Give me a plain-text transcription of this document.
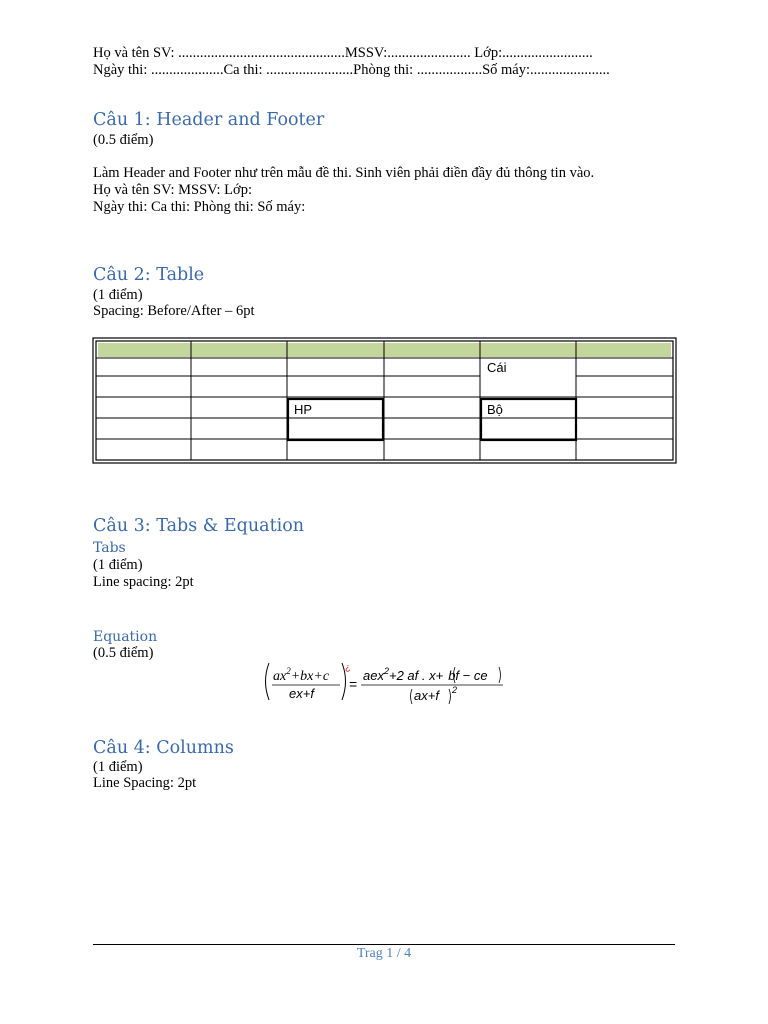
Họ và tên SV: ..............................................MSSV:....................... Lớp:.........................
Ngày thi: ....................Ca thi: ........................Phòng thi: ..................Số máy:......................
Câu 1: Header and Footer
(0.5 điểm)
Làm Header and Footer như trên mẫu đề thi. Sinh viên phải điền đầy đủ thông tin vào.
Họ và tên SV: MSSV: Lớp:
Ngày thi: Ca thi: Phòng thi: Số máy:
Câu 2: Table
(1 điểm)
Spacing: Before/After – 6pt
Cái
HP	Bộ
Câu 3: Tabs & Equation
Tabs
(1 điểm)
Line spacing: 2pt
Equation
(0.5 điểm)
$ax^2+bx+c$
ex+f
¿
=
aex$^2$+2 af . x+ bf − ce
ax+f 2
Câu 4: Columns
(1 điểm)
Line Spacing: 2pt
Trag 1 / 4
